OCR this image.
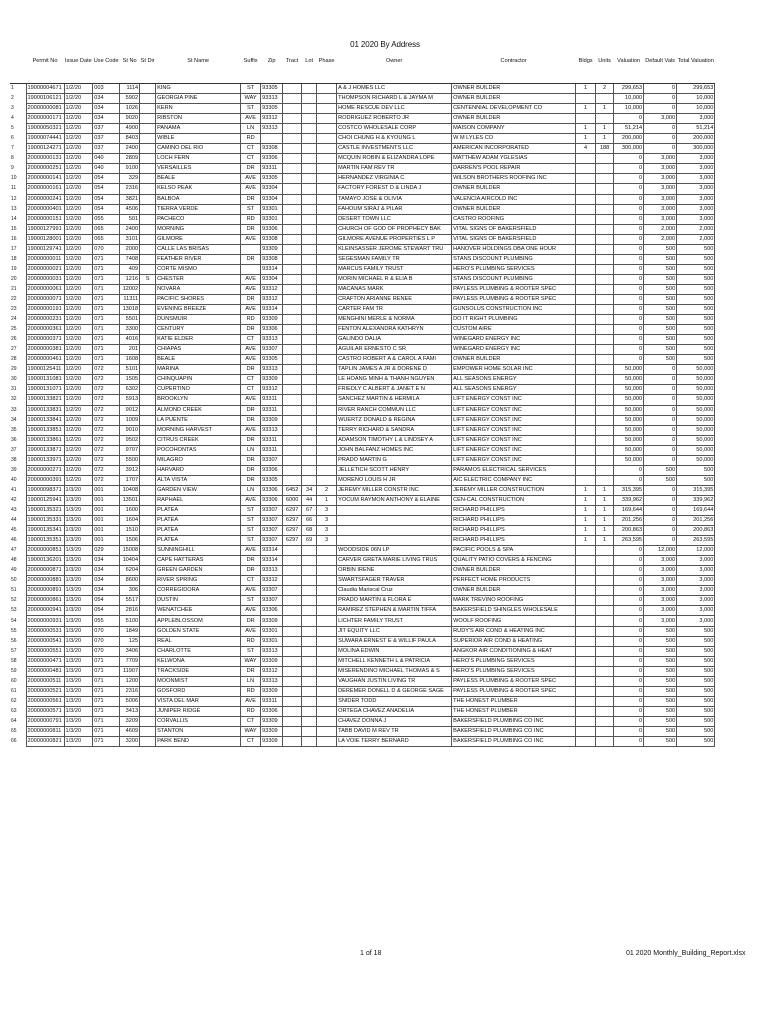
01 2020 By Address
	Permit No	Issue Date	Use Code	St No	St Dir	St Name	Suffix	Zip	Tract	Lot	Phase	Owner	Contractor	Bldgs	Units	Valuation	Default Vals	Total Valuation
1	19000004671	1/2/20	003	1114		KING	ST	93305				A & J HOMES LLC	OWNER BUILDER	1	2	299,653	0	299,653
2	19000106121	1/2/20	034	5902		GEORGIA PINE	WAY	93313				THOMPSON RICHARD L & JAYMA M	OWNER BUILDER			10,000	0	10,000
3	20000000081	1/2/20	034	1026		KERN	ST	93305				HOME RESCUE DEV LLC	CENTENNIAL DEVELOPMENT CO	1	1	10,000	0	10,000
4	20000000171	1/2/20	034	9020		RIBSTON	AVE	93312				RODRIGUEZ ROBERTO JR	OWNER BUILDER			0	3,000	3,000
5	19000050321	1/2/20	037	4900		PANAMA	LN	93313				COSTCO WHOLESALE CORP	MAISON COMPANY	1	1	51,214	0	51,214
6	19000074441	1/2/20	037	8403		WIBLE	RD					CHOI CHUNG H & KYOUNG L	W M LYLES CO	1	1	200,000	0	200,000
7	19000124271	1/2/20	037	2400		CAMINO DEL RIO	CT	93308				CASTLE INVESTMENTS LLC	AMERICAN INCORPORATED	4	188	300,000	0	300,000
8	20000000131	1/2/20	040	2809		LOCH FERN	CT	93306				MCQUIN ROBIN & ELIZANDRA LOPE	MATTHEW ADAM YGLESIAS			0	3,000	3,000
9	20000000251	1/2/20	040	9100		VERSAILLES	DR	93311				MARTIN FAM REV TR	DARREN'S POOL REPAIR			0	3,000	3,000
10	20000000141	1/2/20	054	329		BEALE	AVE	93305				HERNANDEZ VIRGINIA C	WILSON BROTHERS ROOFING INC			0	3,000	3,000
11	20000000161	1/2/20	054	2316		KELSO PEAK	AVE	93304				FACTORY FOREST D & LINDA J	OWNER BUILDER			0	3,000	3,000
12	20000000241	1/2/20	054	3821		BALBOA	DR	93304				TAMAYO JOSE & OLIVIA	VALENCIA AIRCOLD INC			0	3,000	3,000
13	20000000401	1/2/20	054	4506		TIERRA VERDE	ST	93301				FAHOUM SIRAJ & PILAR	OWNER BUILDER			0	3,000	3,000
14	20000000151	1/2/20	055	501		PACHECO	RD	93301				DESERT TOWN LLC	CASTRO ROOFING			0	3,000	3,000
15	19000127991	1/2/20	065	2400		MORNING	DR	93306				CHURCH OF GOD OF PROPHECY BAK	VITAL SIGNS OF BAKERSFIELD			0	2,000	2,000
16	19000128001	1/2/20	065	3101		GILMORE	AVE	93308				GILMORE AVENUE PROPERTIES L P	VITAL SIGNS OF BAKERSFIELD			0	2,000	2,000
17	19000129741	1/2/20	070	2000		CALLE LAS BRISAS		93309				KLEINSASSER JEROME STEWART TRU	HANOVER HOLDINGS DBA ONE HOUR			0	500	500
18	20000000011	1/2/20	071	7408		FEATHER RIVER	DR	93308				SEGESMAN FAMILY TR	STANS DISCOUNT PLUMBING			0	500	500
19	20000000021	1/2/20	071	409		CORTE MISMO		93314				MARCUS FAMILY TRUST	HERO'S PLUMBING SERVICES			0	500	500
20	20000000031	1/2/20	071	1216	S	CHESTER	AVE	93304				MORIN MICHAEL R & ELIA B	STANS DISCOUNT PLUMBING			0	500	500
21	20000000061	1/2/20	071	12002		NOVARA	AVE	93312				MACANAS MARK	PAYLESS PLUMBING & ROOTER SPEC			0	500	500
22	20000000071	1/2/20	071	11311		PACIFIC SHORES	DR	93312				CRAFTON ARIANNE RENEE	PAYLESS PLUMBING & ROOTER SPEC			0	500	500
23	20000000191	1/2/20	071	13018		EVENING BREEZE	AVE	93314				CARTER FAM TR	GUNSOLUS CONSTRUCTION INC			0	500	500
24	20000000231	1/2/20	071	5501		DUNSMUIR	RD	93309				MENGHINI MERLE & NORMA	DO IT RIGHT PLUMBING			0	500	500
25	20000000361	1/2/20	071	3300		CENTURY	DR	93306				FENTON ALEXANDRA KATHRYN	CUSTOM AIRE			0	500	500
26	20000000371	1/2/20	071	4016		KATIE ELDER	CT	93313				GALINDO DALIA	WINEGARD ENERGY INC			0	500	500
27	20000000381	1/2/20	071	201		CHIAPAS	AVE	93307				AGUILAR ERNESTO C SR	WINEGARD ENERGY INC			0	500	500
28	20000000461	1/2/20	071	1608		BEALE	AVE	93305				CASTRO ROBERT A & CAROL A FAMI	OWNER BUILDER			0	500	500
29	19000125411	1/2/20	072	5101		MARINA	DR	93313				TAPLIN JAMES A JR & DORENE D	EMPOWER HOME SOLAR INC			50,000	0	50,000
30	19000131081	1/2/20	072	1505		CHINQUAPIN	CT	93309				LE HOANG MINH & THANH NGUYEN	ALL SEASONS ENERGY			50,000	0	50,000
31	19000131071	1/2/20	072	6302		CUPERTINO	CT	93312				FRIEDLY C ALBERT & JANET E N	ALL SEASONS ENERGY			50,000	0	50,000
32	19000133821	1/2/20	072	5913		BROOKLYN	AVE	93311				SANCHEZ MARTIN & HERMILA	LIFT ENERGY CONST INC			50,000	0	50,000
33	19000133831	1/2/20	072	9012		ALMOND CREEK	DR	93311				RIVER RANCH COMMUN LLC	LIFT ENERGY CONST INC			50,000	0	50,000
34	19000133841	1/2/20	072	1009		LA PUENTE	DR	93309				WUERTZ DONALD & REGINA	LIFT ENERGY CONST INC			50,000	0	50,000
35	19000133851	1/2/20	072	9010		MORNING HARVEST	AVE	93313				TERRY RICHARD & SANDRA	LIFT ENERGY CONST INC			50,000	0	50,000
36	19000133861	1/2/20	072	9502		CITRUS CREEK	DR	93311				ADAMSON TIMOTHY L & LINDSEY A	LIFT ENERGY CONST INC			50,000	0	50,000
37	19000133871	1/2/20	072	9707		POCOHONTAS	LN	93311				JOHN BALFANZ HOMES INC	LIFT ENERGY CONST INC			50,000	0	50,000
38	19000133971	1/2/20	072	5500		MILAGRO	DR	93307				PRADO MARTIN G	LIFT ENERGY CONST INC			50,000	0	50,000
39	20000000271	1/2/20	072	3912		HARVARD	DR	93306				JELLETICH SCOTT HENRY	PARAMOS ELECTRICAL SERVICES			0	500	500
40	20000000391	1/2/20	072	1707		ALTA VISTA	DR	93305				MORENO LOUIS H JR	AIC ELECTRIC COMPANY INC			0	500	500
41	19000098371	1/3/20	001	10408		GARDEN VIEW	LN	93306	6452	34	2	JEREMY MILLER CONSTR INC	JEREMY MILLER CONSTRUCTION	1	1	315,395	0	315,395
42	19000125941	1/3/20	001	13501		RAPHAEL	AVE	93306	6000	44	1	YOCUM RAYMON ANTHONY & ELAINE	CEN-CAL CONSTRUCTION	1	1	339,962	0	339,962
43	19000135321	1/3/20	001	1600		PLATEA	ST	93307	6297	67	3		RICHARD PHILLIPS	1	1	169,644	0	169,644
44	19000135331	1/3/20	001	1604		PLATEA	ST	93307	6297	66	3		RICHARD PHILLIPS	1	1	201,256	0	201,256
45	19000135341	1/3/20	001	1510		PLATEA	ST	93307	6297	68	3		RICHARD PHILLIPS	1	1	200,863	0	200,863
46	19000135351	1/3/20	001	1506		PLATEA	ST	93307	6297	69	3		RICHARD PHILLIPS	1	1	263,595	0	263,595
47	20000000851	1/3/20	029	15008		SUNNINGHILL	AVE	93314				WOODSIDE 06N LP	PACIFIC POOLS & SPA			0	12,000	12,000
48	19000136201	1/3/20	034	10404		CAPE HATTERAS	DR	93314				CARVER GRETA MARIE LIVING TRUS	QUALITY PATIO COVERS & FENCING			0	3,000	3,000
49	20000000871	1/3/20	034	6204		GREEN GARDEN	DR	93313				ORBIN IRENE	OWNER BUILDER			0	3,000	3,000
50	20000000881	1/3/20	034	8600		RIVER SPRING	CT	93312				SWARTSFAGER TRAVER	PERFECT HOME PRODUCTS			0	3,000	3,000
51	20000000891	1/3/20	034	306		CORREGIDORA	AVE	93307				Claudia Mariscal Cruz	OWNER BUILDER			0	3,000	3,000
52	20000000861	1/3/20	054	5517		DUSTIN	ST	93307				PRADO MARTIN & FLORA E	MARK TREVINO ROOFING			0	3,000	3,000
53	20000000941	1/3/20	054	2816		WENATCHEE	AVE	93306				RAMIREZ STEPHEN & MARTIN TIFFA	BAKERSFIELD SHINGLES WHOLESALE			0	3,000	3,000
54	20000000931	1/3/20	055	5100		APPLEBLOSSOM	DR	93309				LICHTER FAMILY TRUST	WOOLF ROOFING			0	3,000	3,000
55	20000000531	1/3/20	070	1849		GOLDEN STATE	AVE	93301				JIT EQUITY LLC	RUDY'S AIR COND & HEATING INC			0	500	500
56	20000000541	1/3/20	070	125		REAL	RD	93301				SUWARA ERNEST E & WILLIF PAULA	SUPERIOR AIR COND & HEATING			0	500	500
57	20000000551	1/3/20	070	3406		CHARLOTTE	ST	93313				MOLINA EDWIN	ANGKOR AIR CONDITIONING & HEAT			0	500	500
58	20000000471	1/3/20	071	7709		KELWONA	WAY	93309				MITCHELL KENNETH L & PATRICIA	HERO'S PLUMBING SERVICES			0	500	500
59	20000000481	1/3/20	071	11907		TRACKSIDE	DR	93312				MISERENDINO MICHAEL THOMAS & S	HERO'S PLUMBING SERVICES			0	500	500
60	20000000511	1/3/20	071	1200		MOONMIST	LN	93313				VAUGHAN JUSTIN LIVING TR	PAYLESS PLUMBING & ROOTER SPEC			0	500	500
61	20000000521	1/3/20	071	2316		GOSFORD	RD	93309				DEREMER DONELL D & GEORGE SAGE	PAYLESS PLUMBING & ROOTER SPEC			0	500	500
62	20000000561	1/3/20	071	5006		VISTA DEL MAR	AVE	93311				SNIDER TODD	THE HONEST PLUMBER			0	500	500
63	20000000571	1/3/20	071	3413		JUNIPER RIDGE	RD	93306				ORTEGA CHAVEZ ANADELIA	THE HONEST PLUMBER			0	500	500
64	20000000791	1/3/20	071	3209		CORVALLIS	CT	93309				CHAVEZ DONNA J	BAKERSFIELD PLUMBING CO INC			0	500	500
65	20000000811	1/3/20	071	4609		STANTON	WAY	93309				TABB DAVID M REV TR	BAKERSFIELD PLUMBING CO INC			0	500	500
66	20000000821	1/3/20	071	3200		PARK BEND	CT	93309				LA VOIE TERRY BERNARD	BAKERSFIELD PLUMBING CO INC			0	500	500
1 of 18	01 2020 Monthly_Building_Report.xlsx
